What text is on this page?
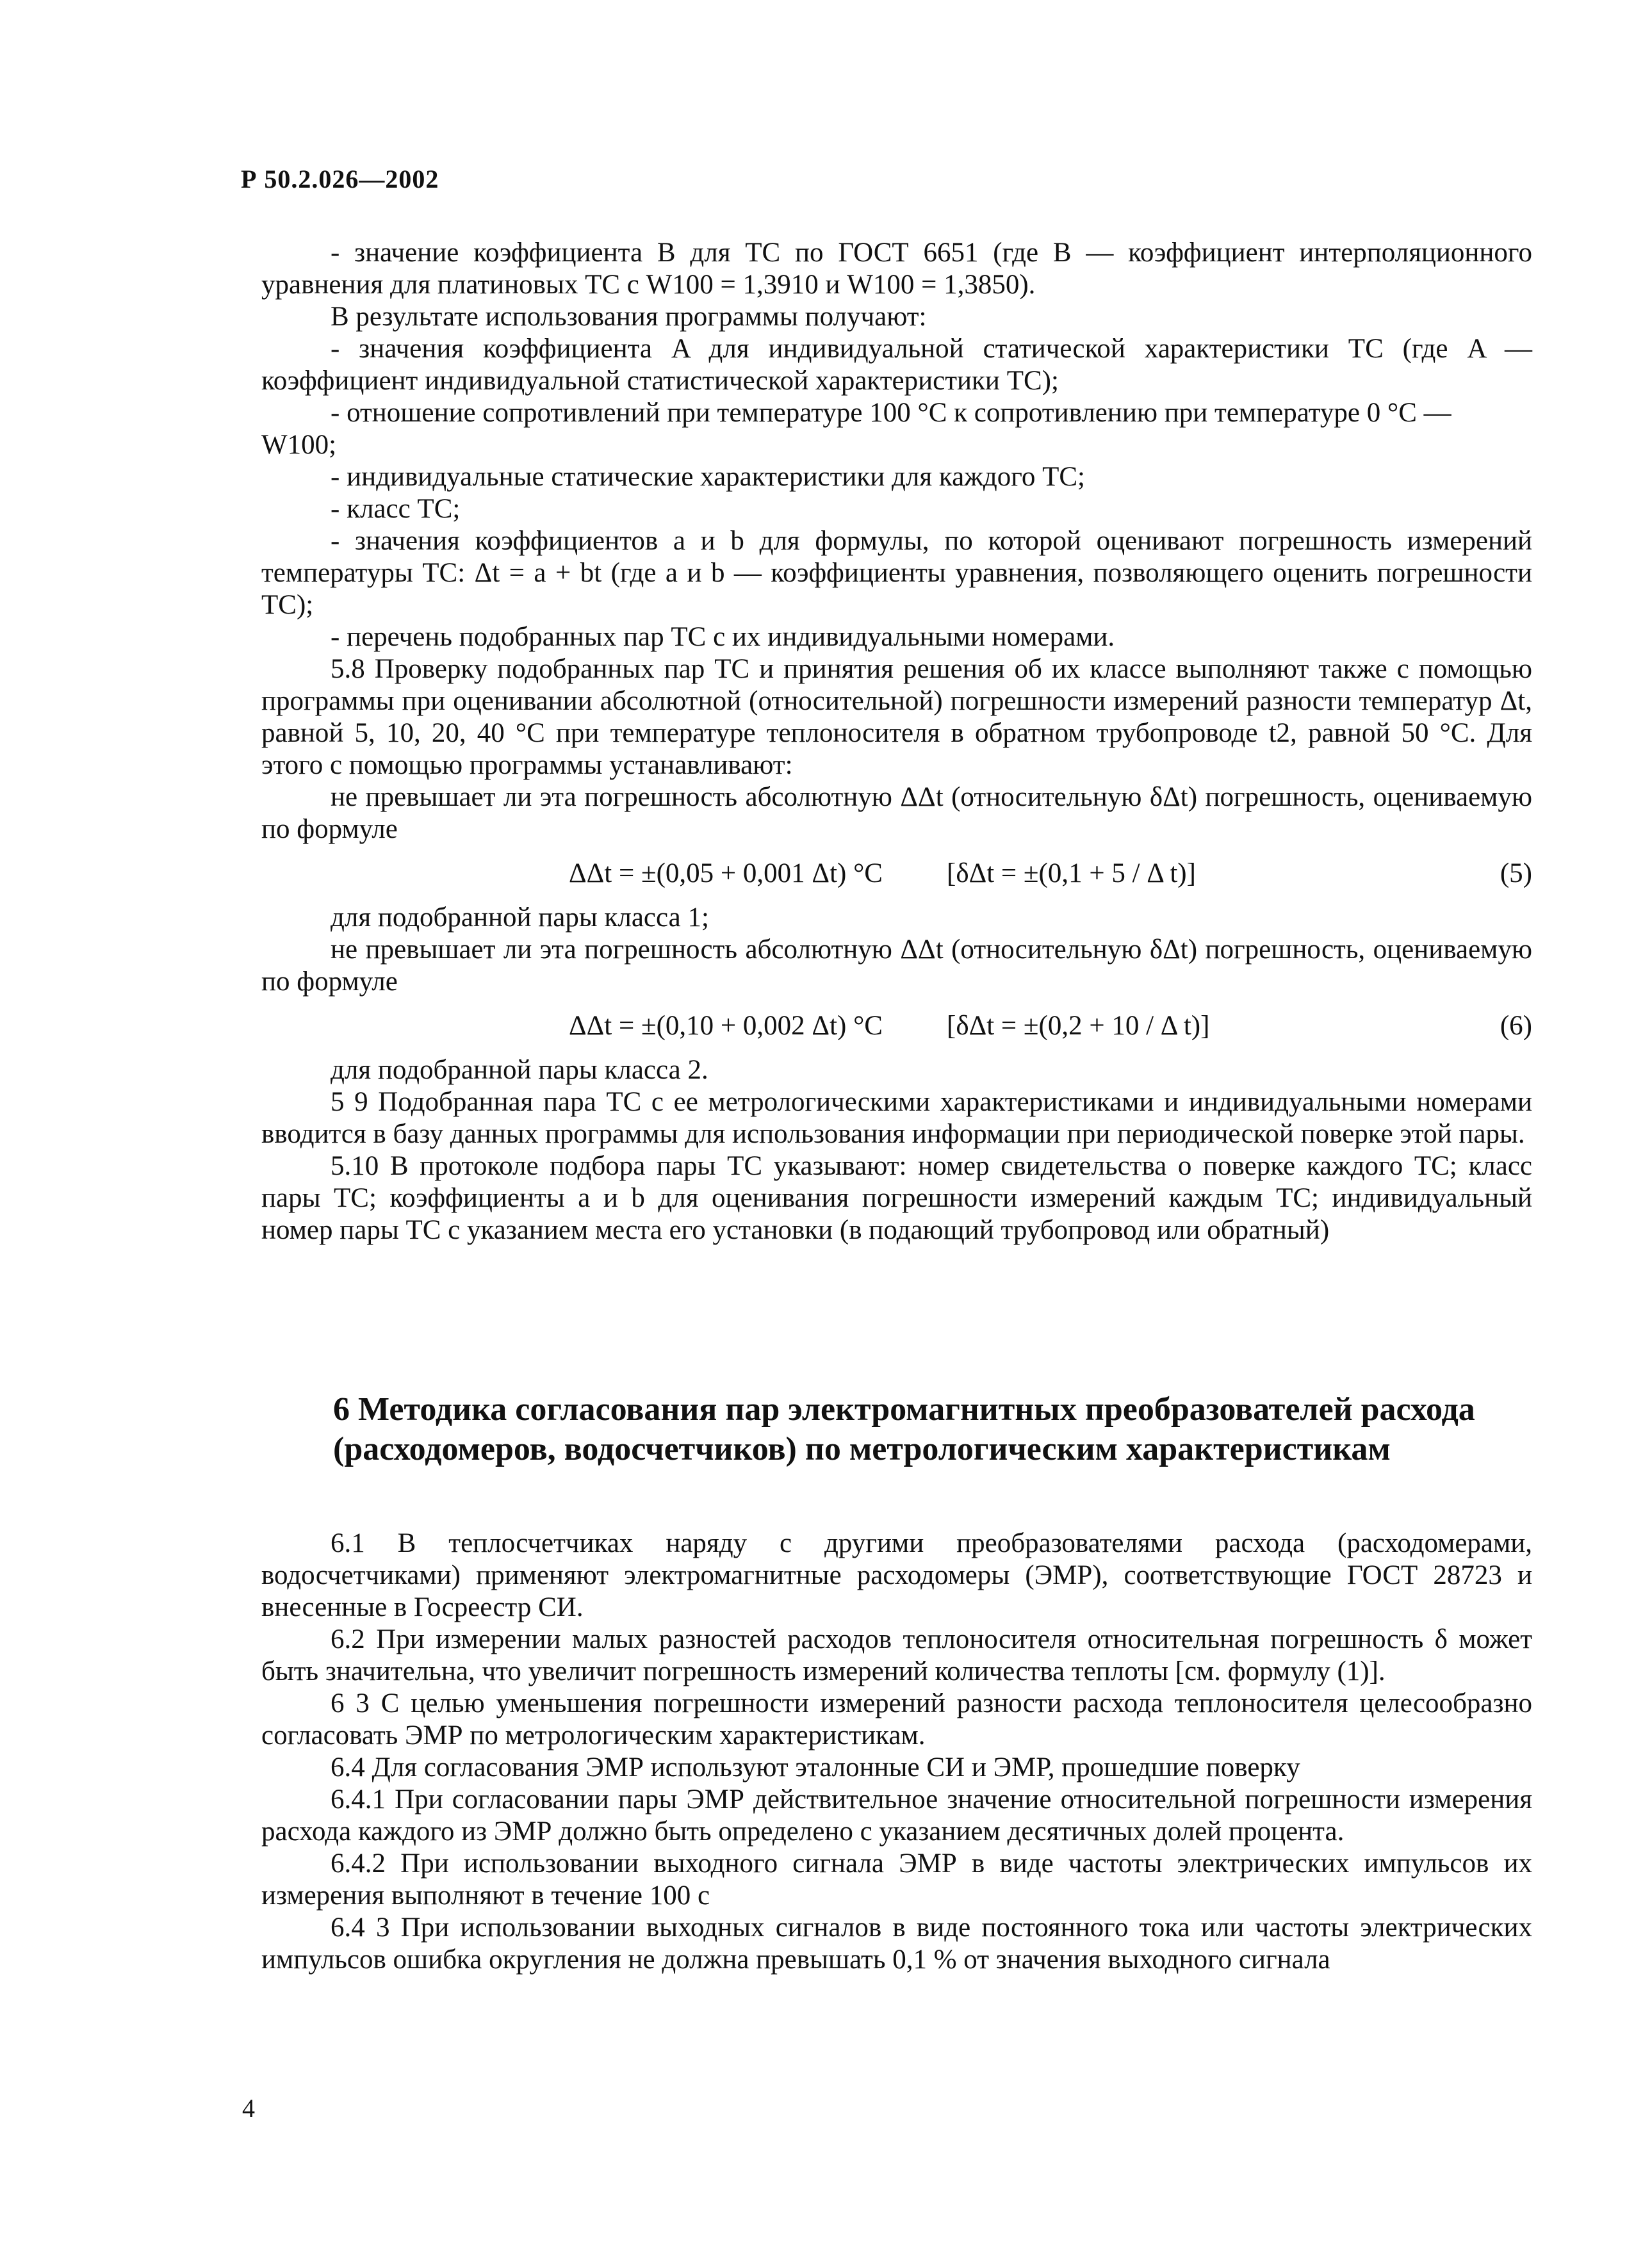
Р 50.2.026—2002

- значение коэффициента B для ТС по ГОСТ 6651 (где B — коэффициент интерполяционного уравнения для платиновых ТС с W100 = 1,3910 и W100 = 1,3850).

В результате использования программы получают:

- значения коэффициента A для индивидуальной статической характеристики ТС (где A — коэффициент индивидуальной статистической характеристики ТС);

- отношение сопротивлений при температуре 100 °С к сопротивлению при температуре 0 °С —

W100;

- индивидуальные статические характеристики для каждого ТС;

- класс ТС;

- значения коэффициентов a и b для формулы, по которой оценивают погрешность измерений температуры ТС: Δt = a + bt (где a и b — коэффициенты уравнения, позволяющего оценить погрешности ТС);

- перечень подобранных пар ТС с их индивидуальными номерами.

5.8 Проверку подобранных пар ТС и принятия решения об их классе выполняют также с помощью программы при оценивании абсолютной (относительной) погрешности измерений разности температур Δt, равной 5, 10, 20, 40 °С при температуре теплоносителя в обратном трубопроводе t2, равной 50 °С. Для этого с помощью программы устанавливают:

не превышает ли эта погрешность абсолютную ΔΔt (относительную δΔt) погрешность, оцениваемую по формуле

ΔΔt = ±(0,05 + 0,001 Δt) °С [δΔt = ±(0,1 + 5 / Δ t)]	(5)

для подобранной пары класса 1;

не превышает ли эта погрешность абсолютную ΔΔt (относительную δΔt) погрешность, оцениваемую по формуле

ΔΔt = ±(0,10 + 0,002 Δt) °С [δΔt = ±(0,2 + 10 / Δ t)]	(6)

для подобранной пары класса 2.

5 9 Подобранная пара ТС с ее метрологическими характеристиками и индивидуальными номерами вводится в базу данных программы для использования информации при периодической поверке этой пары.

5.10 В протоколе подбора пары ТС указывают: номер свидетельства о поверке каждого ТС; класс пары ТС; коэффициенты a и b для оценивания погрешности измерений каждым ТС; индивидуальный номер пары ТС с указанием места его установки (в подающий трубопровод или обратный)

6 Методика согласования пар электромагнитных преобразователей расхода

(расходомеров, водосчетчиков) по метрологическим характеристикам

6.1 В теплосчетчиках наряду с другими преобразователями расхода (расходомерами, водосчетчиками) применяют электромагнитные расходомеры (ЭМР), соответствующие ГОСТ 28723 и внесенные в Госреестр СИ.

6.2 При измерении малых разностей расходов теплоносителя относительная погрешность δ может быть значительна, что увеличит погрешность измерений количества теплоты [см. формулу (1)].

6 3 С целью уменьшения погрешности измерений разности расхода теплоносителя целесообразно согласовать ЭМР по метрологическим характеристикам.

6.4 Для согласования ЭМР используют эталонные СИ и ЭМР, прошедшие поверку

6.4.1 При согласовании пары ЭМР действительное значение относительной погрешности измерения расхода каждого из ЭМР должно быть определено с указанием десятичных долей процента.

6.4.2 При использовании выходного сигнала ЭМР в виде частоты электрических импульсов их измерения выполняют в течение 100 с

6.4 3 При использовании выходных сигналов в виде постоянного тока или частоты электрических импульсов ошибка округления не должна превышать 0,1 % от значения выходного сигнала

4
